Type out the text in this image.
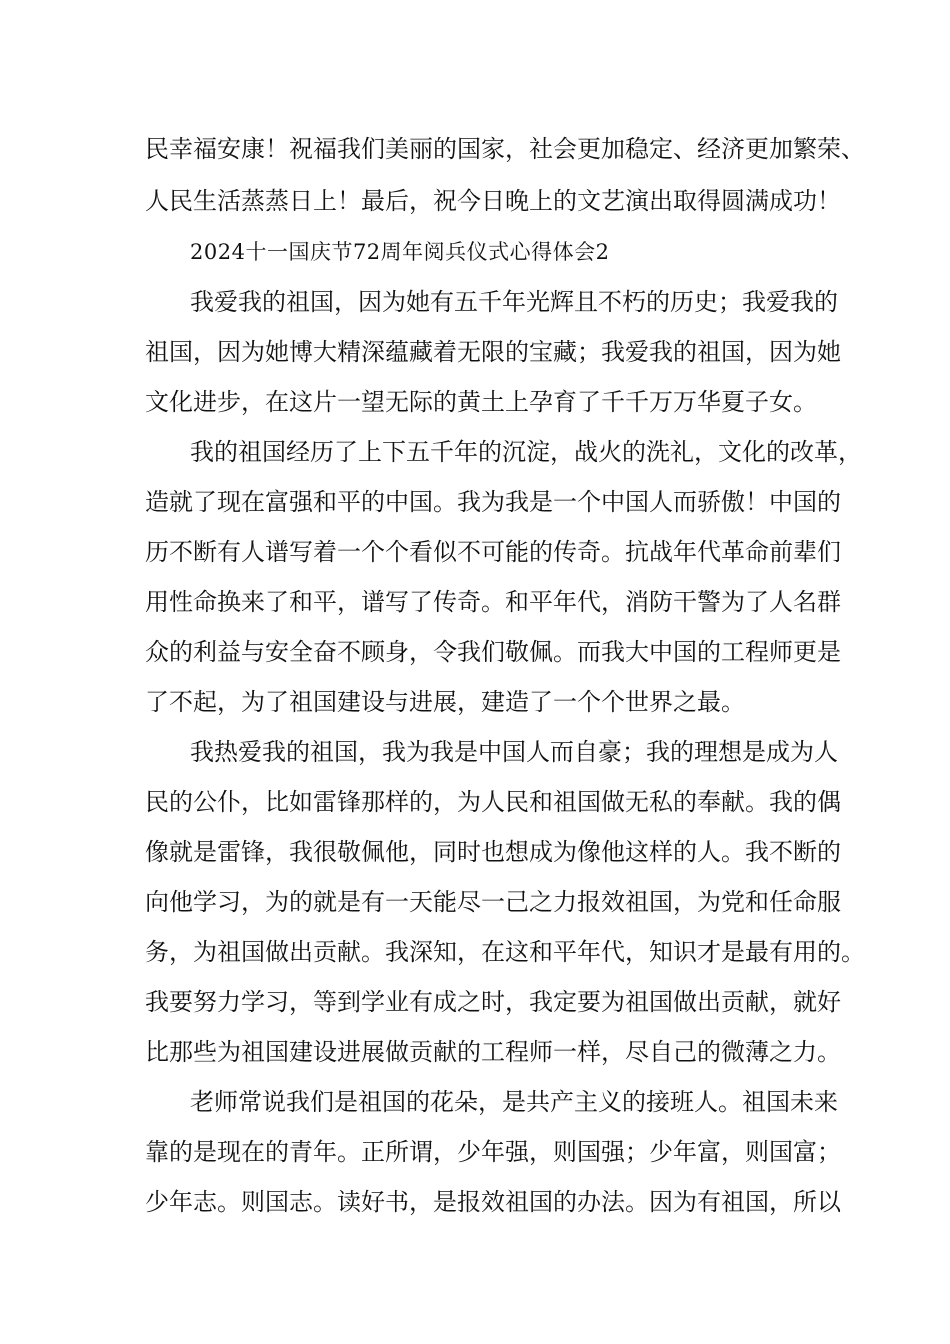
民幸福安康！祝福我们美丽的国家，社会更加稳定、经济更加繁荣、
人民生活蒸蒸日上！最后，祝今日晚上的文艺演出取得圆满成功！
2024十一国庆节72周年阅兵仪式心得体会2
我爱我的祖国，因为她有五千年光辉且不朽的历史；我爱我的
祖国，因为她博大精深蕴藏着无限的宝藏；我爱我的祖国，因为她
文化进步，在这片一望无际的黄土上孕育了千千万万华夏子女。
我的祖国经历了上下五千年的沉淀，战火的洗礼，文化的改革，
造就了现在富强和平的中国。我为我是一个中国人而骄傲！中国的
历不断有人谱写着一个个看似不可能的传奇。抗战年代革命前辈们
用性命换来了和平，谱写了传奇。和平年代，消防干警为了人名群
众的利益与安全奋不顾身，令我们敬佩。而我大中国的工程师更是
了不起，为了祖国建设与进展，建造了一个个世界之最。
我热爱我的祖国，我为我是中国人而自豪；我的理想是成为人
民的公仆，比如雷锋那样的，为人民和祖国做无私的奉献。我的偶
像就是雷锋，我很敬佩他，同时也想成为像他这样的人。我不断的
向他学习，为的就是有一天能尽一己之力报效祖国，为党和任命服
务，为祖国做出贡献。我深知，在这和平年代，知识才是最有用的。
我要努力学习，等到学业有成之时，我定要为祖国做出贡献，就好
比那些为祖国建设进展做贡献的工程师一样，尽自己的微薄之力。
老师常说我们是祖国的花朵，是共产主义的接班人。祖国未来
靠的是现在的青年。正所谓，少年强，则国强；少年富，则国富；
少年志。则国志。读好书，是报效祖国的办法。因为有祖国，所以
